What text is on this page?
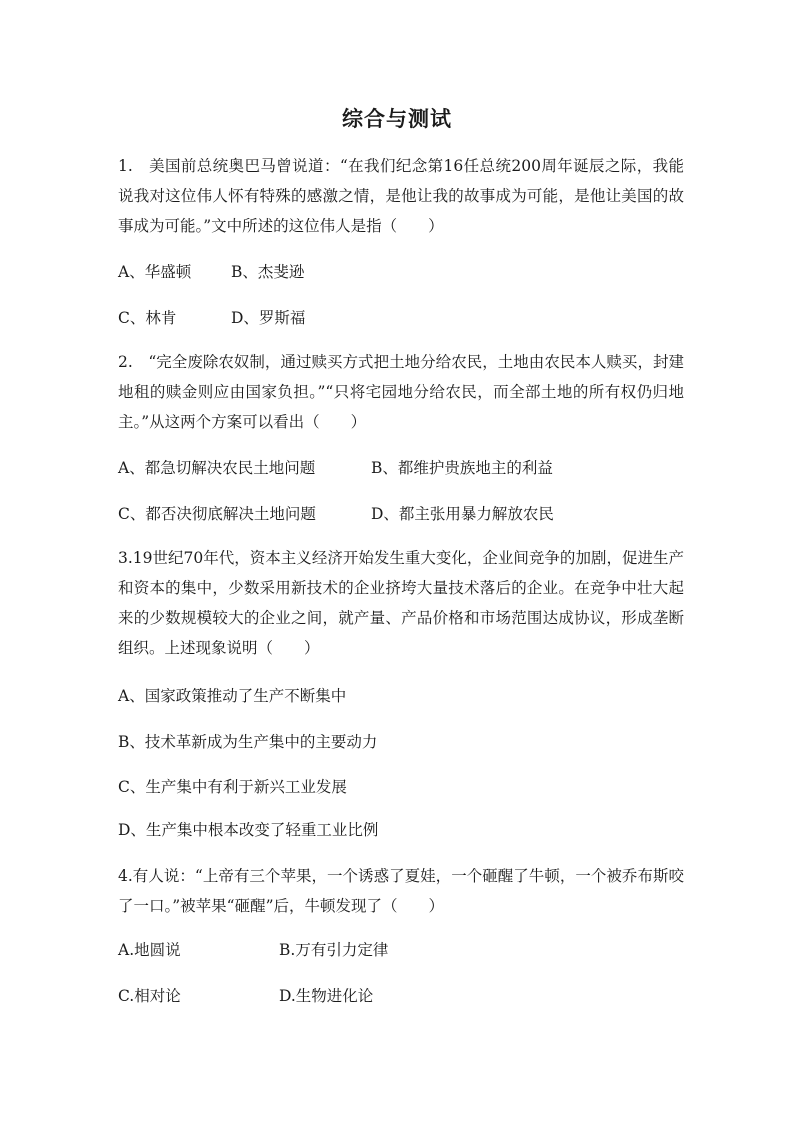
综合与测试
1.　美国前总统奥巴马曾说道：“在我们纪念第16任总统200周年诞辰之际，我能说我对这位伟人怀有特殊的感激之情，是他让我的故事成为可能，是他让美国的故事成为可能。”文中所述的这位伟人是指（　　）
A、华盛顿	B、杰斐逊
C、林肯	D、罗斯福
2.　“完全废除农奴制，通过赎买方式把土地分给农民，土地由农民本人赎买，封建地租的赎金则应由国家负担。”“只将宅园地分给农民，而全部土地的所有权仍归地主。”从这两个方案可以看出（　　）
A、都急切解决农民土地问题	B、都维护贵族地主的利益
C、都否决彻底解决土地问题	D、都主张用暴力解放农民
3.19世纪70年代，资本主义经济开始发生重大变化，企业间竞争的加剧，促进生产和资本的集中，少数采用新技术的企业挤垮大量技术落后的企业。在竞争中壮大起来的少数规模较大的企业之间，就产量、产品价格和市场范围达成协议，形成垄断组织。上述现象说明（　　）
A、国家政策推动了生产不断集中
B、技术革新成为生产集中的主要动力
C、生产集中有利于新兴工业发展
D、生产集中根本改变了轻重工业比例
4.有人说：“上帝有三个苹果，一个诱惑了夏娃，一个砸醒了牛顿，一个被乔布斯咬了一口。”被苹果“砸醒”后，牛顿发现了（　　）
A.地圆说	B.万有引力定律
C.相对论	D.生物进化论
